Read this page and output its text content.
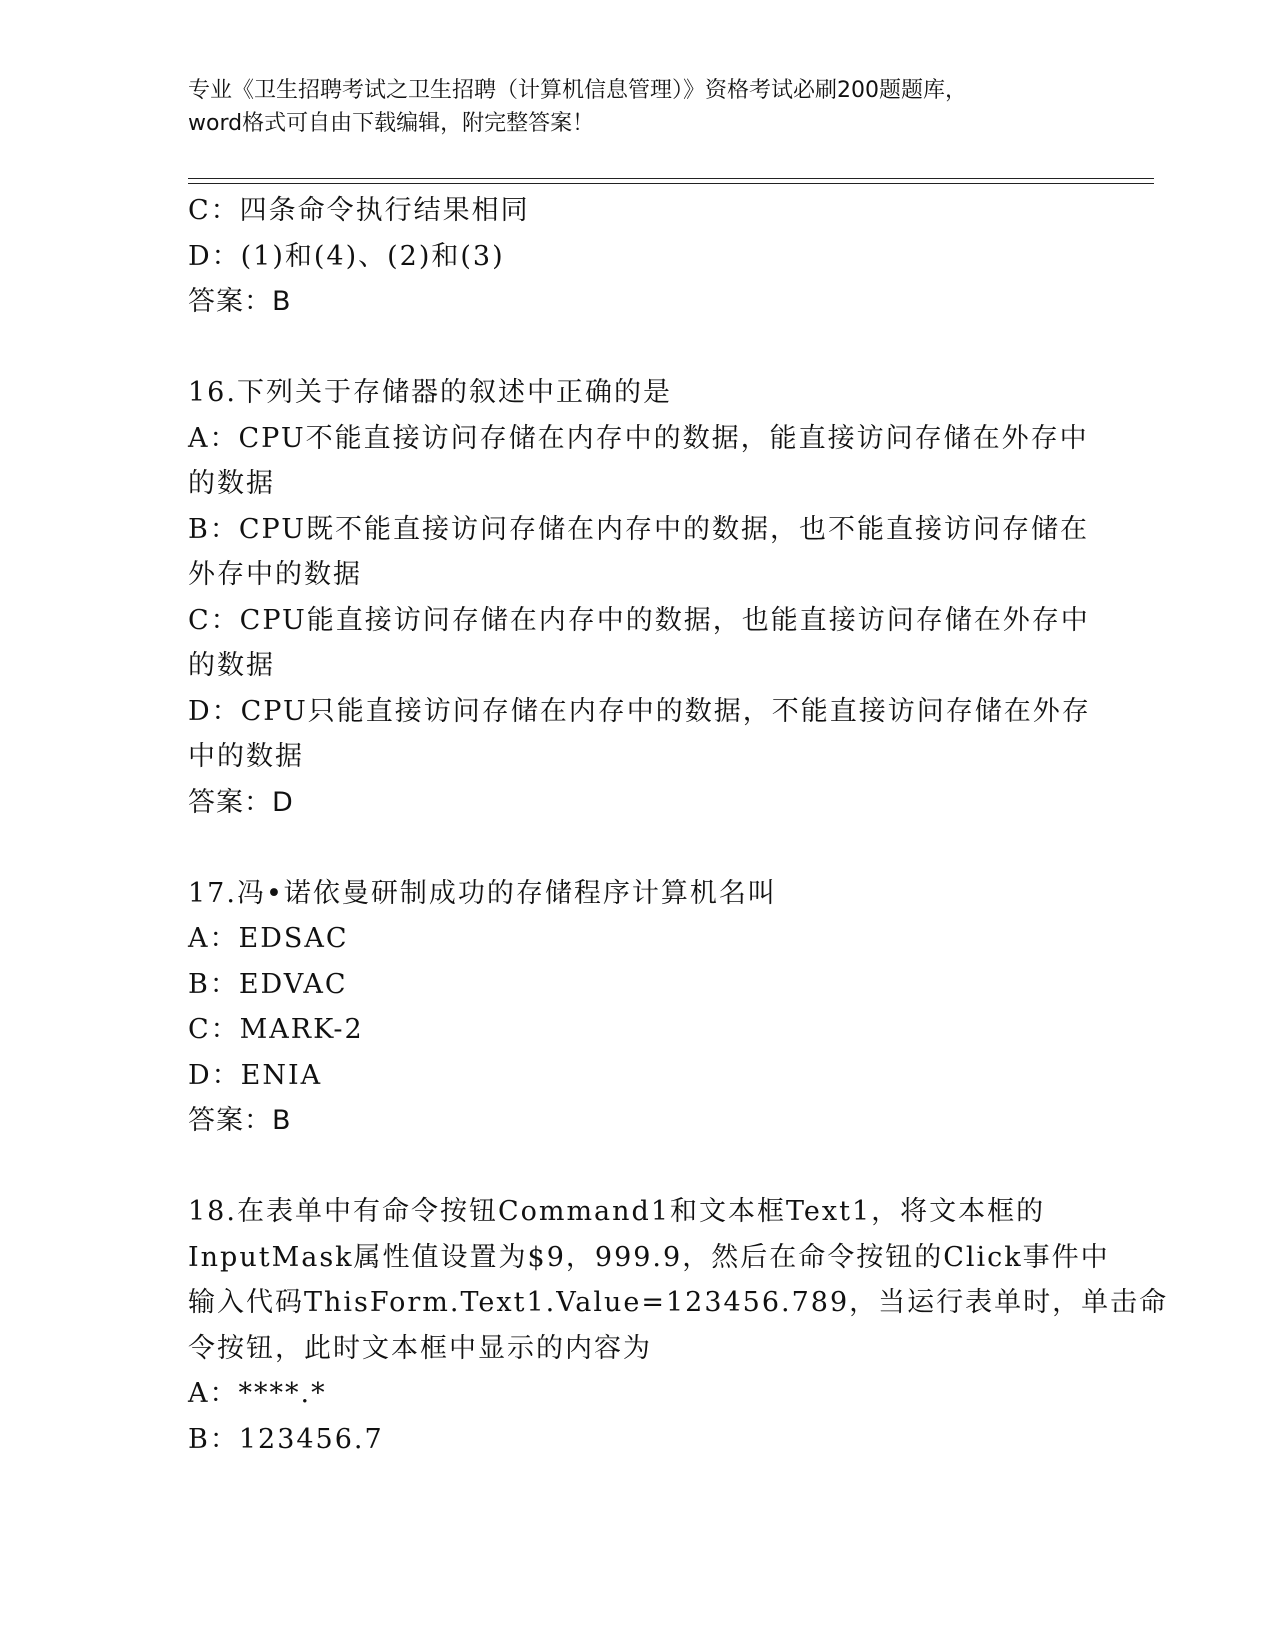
专业《卫生招聘考试之卫生招聘（计算机信息管理）》资格考试必刷200题题库，
word格式可自由下载编辑，附完整答案！
C：四条命令执行结果相同
D：(1)和(4)、(2)和(3)
答案：B
16.下列关于存储器的叙述中正确的是
A：CPU不能直接访问存储在内存中的数据，能直接访问存储在外存中
的数据
B：CPU既不能直接访问存储在内存中的数据，也不能直接访问存储在
外存中的数据
C：CPU能直接访问存储在内存中的数据，也能直接访问存储在外存中
的数据
D：CPU只能直接访问存储在内存中的数据，不能直接访问存储在外存
中的数据
答案：D
17.冯•诺依曼研制成功的存储程序计算机名叫
A：EDSAC
B：EDVAC
C：MARK-2
D：ENIA
答案：B
18.在表单中有命令按钮Command1和文本框Text1，将文本框的
InputMask属性值设置为$9，999.9，然后在命令按钮的Click事件中
输入代码ThisForm.Text1.Value=123456.789，当运行表单时，单击命
令按钮，此时文本框中显示的内容为
A：****.*
B：123456.7
